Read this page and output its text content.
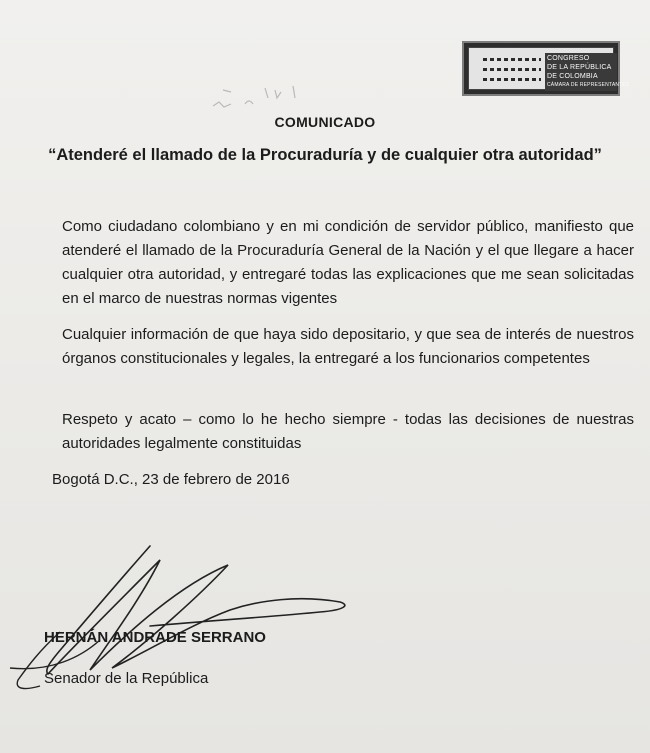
CONGRESO
DE LA REPÚBLICA
DE COLOMBIA
CÁMARA DE REPRESENTANTES
COMUNICADO
“Atenderé el llamado de la Procuraduría y de cualquier otra autoridad”
Como ciudadano colombiano y en mi condición de servidor público, manifiesto que atenderé el llamado de la Procuraduría General de la Nación y el que llegare a hacer cualquier otra autoridad, y entregaré todas las explicaciones que me sean solicitadas en el marco de nuestras normas vigentes
Cualquier información de que haya sido depositario, y que sea de interés de nuestros órganos constitucionales y legales, la entregaré a los funcionarios competentes
Respeto y acato – como lo he hecho siempre - todas las decisiones de nuestras autoridades legalmente constituidas
Bogotá D.C., 23 de febrero de 2016
HERNÁN ANDRADE SERRANO
Senador de la República
